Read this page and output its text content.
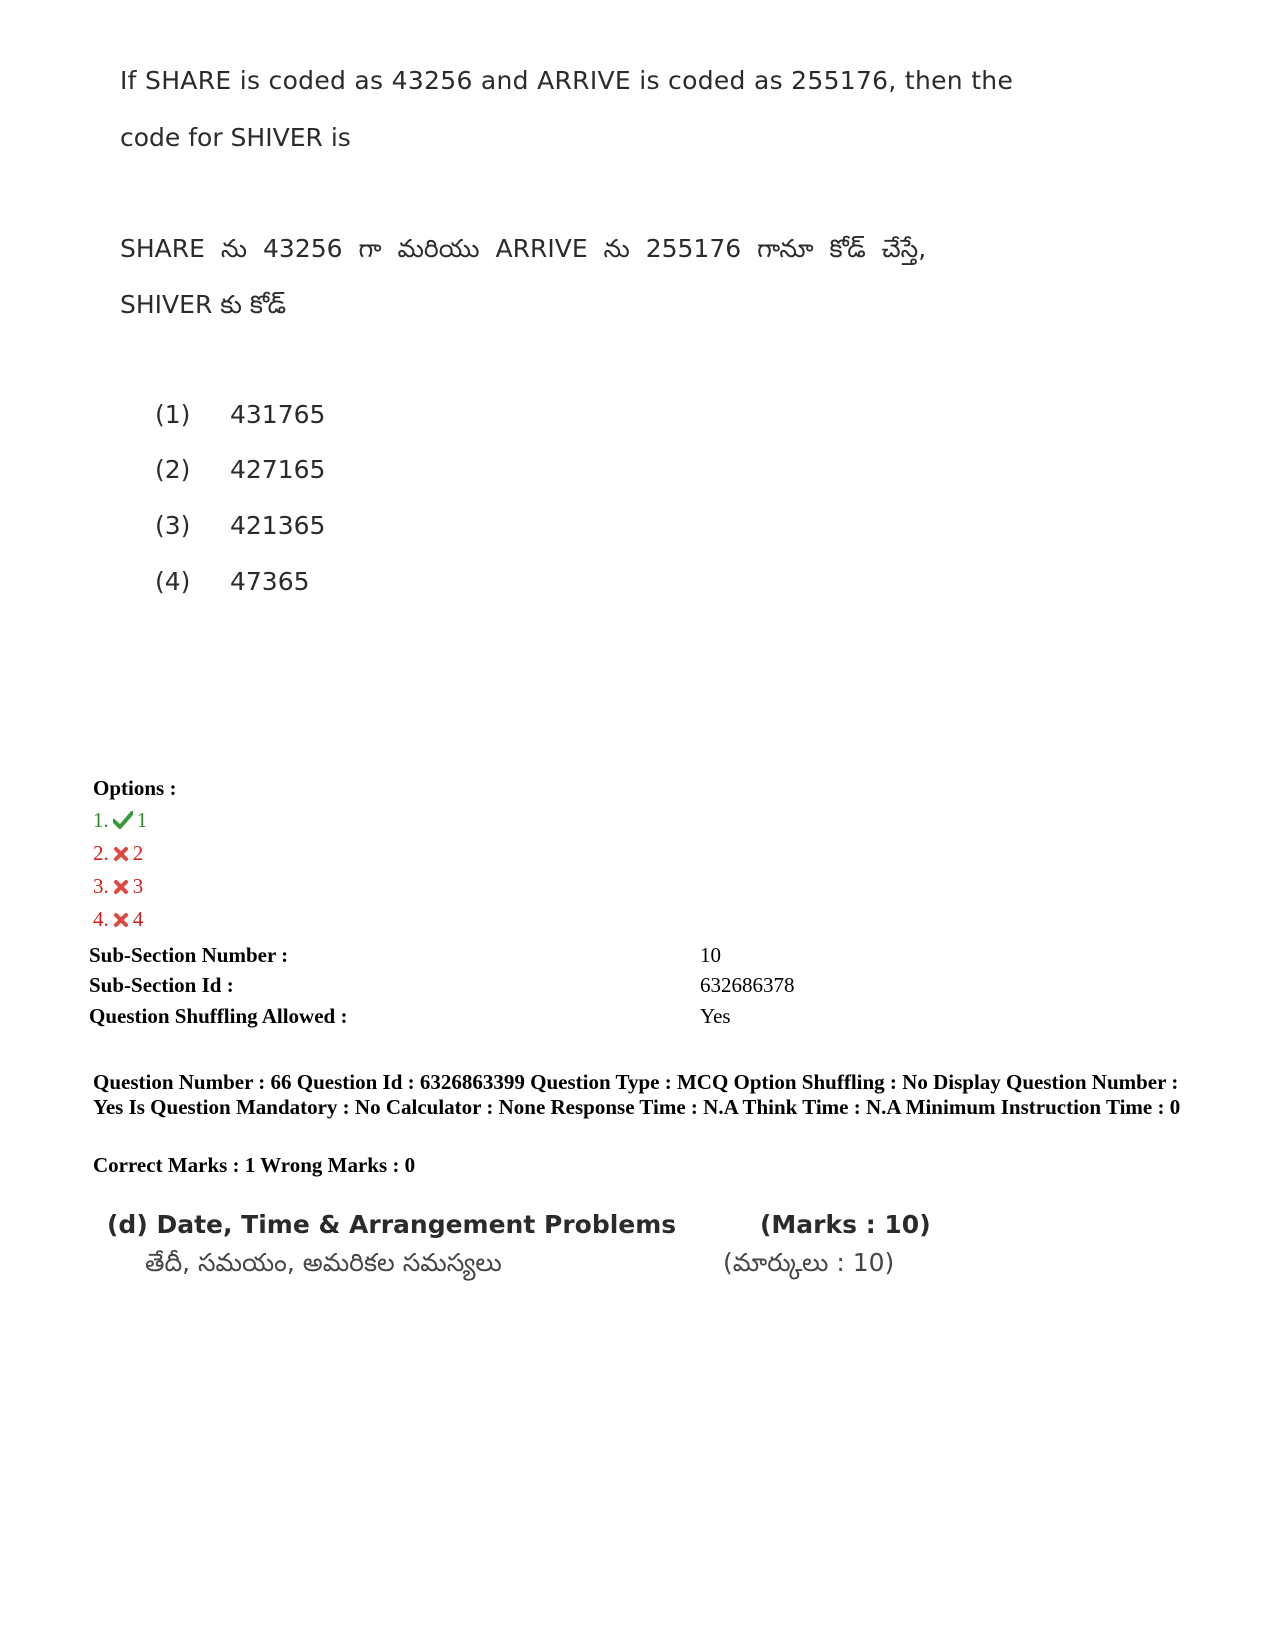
If SHARE is coded as 43256 and ARRIVE is coded as 255176, then the
code for SHIVER is
SHARE ను 43256 గా మరియు ARRIVE ను 255176 గానూ కోడ్ చేస్తే,
SHIVER కు కోడ్
(1) 431765
(2) 427165
(3) 421365
(4) 47365
Options :
1. 1
2. 2
3. 3
4. 4
Sub-Section Number :	10
Sub-Section Id :	632686378
Question Shuffling Allowed :	Yes
Question Number : 66 Question Id : 6326863399 Question Type : MCQ Option Shuffling : No Display Question Number : Yes Is Question Mandatory : No Calculator : None Response Time : N.A Think Time : N.A Minimum Instruction Time : 0
Correct Marks : 1 Wrong Marks : 0
(d) Date, Time & Arrangement Problems	(Marks : 10)
తేదీ, సమయం, అమరికల సమస్యలు	(మార్కులు : 10)
